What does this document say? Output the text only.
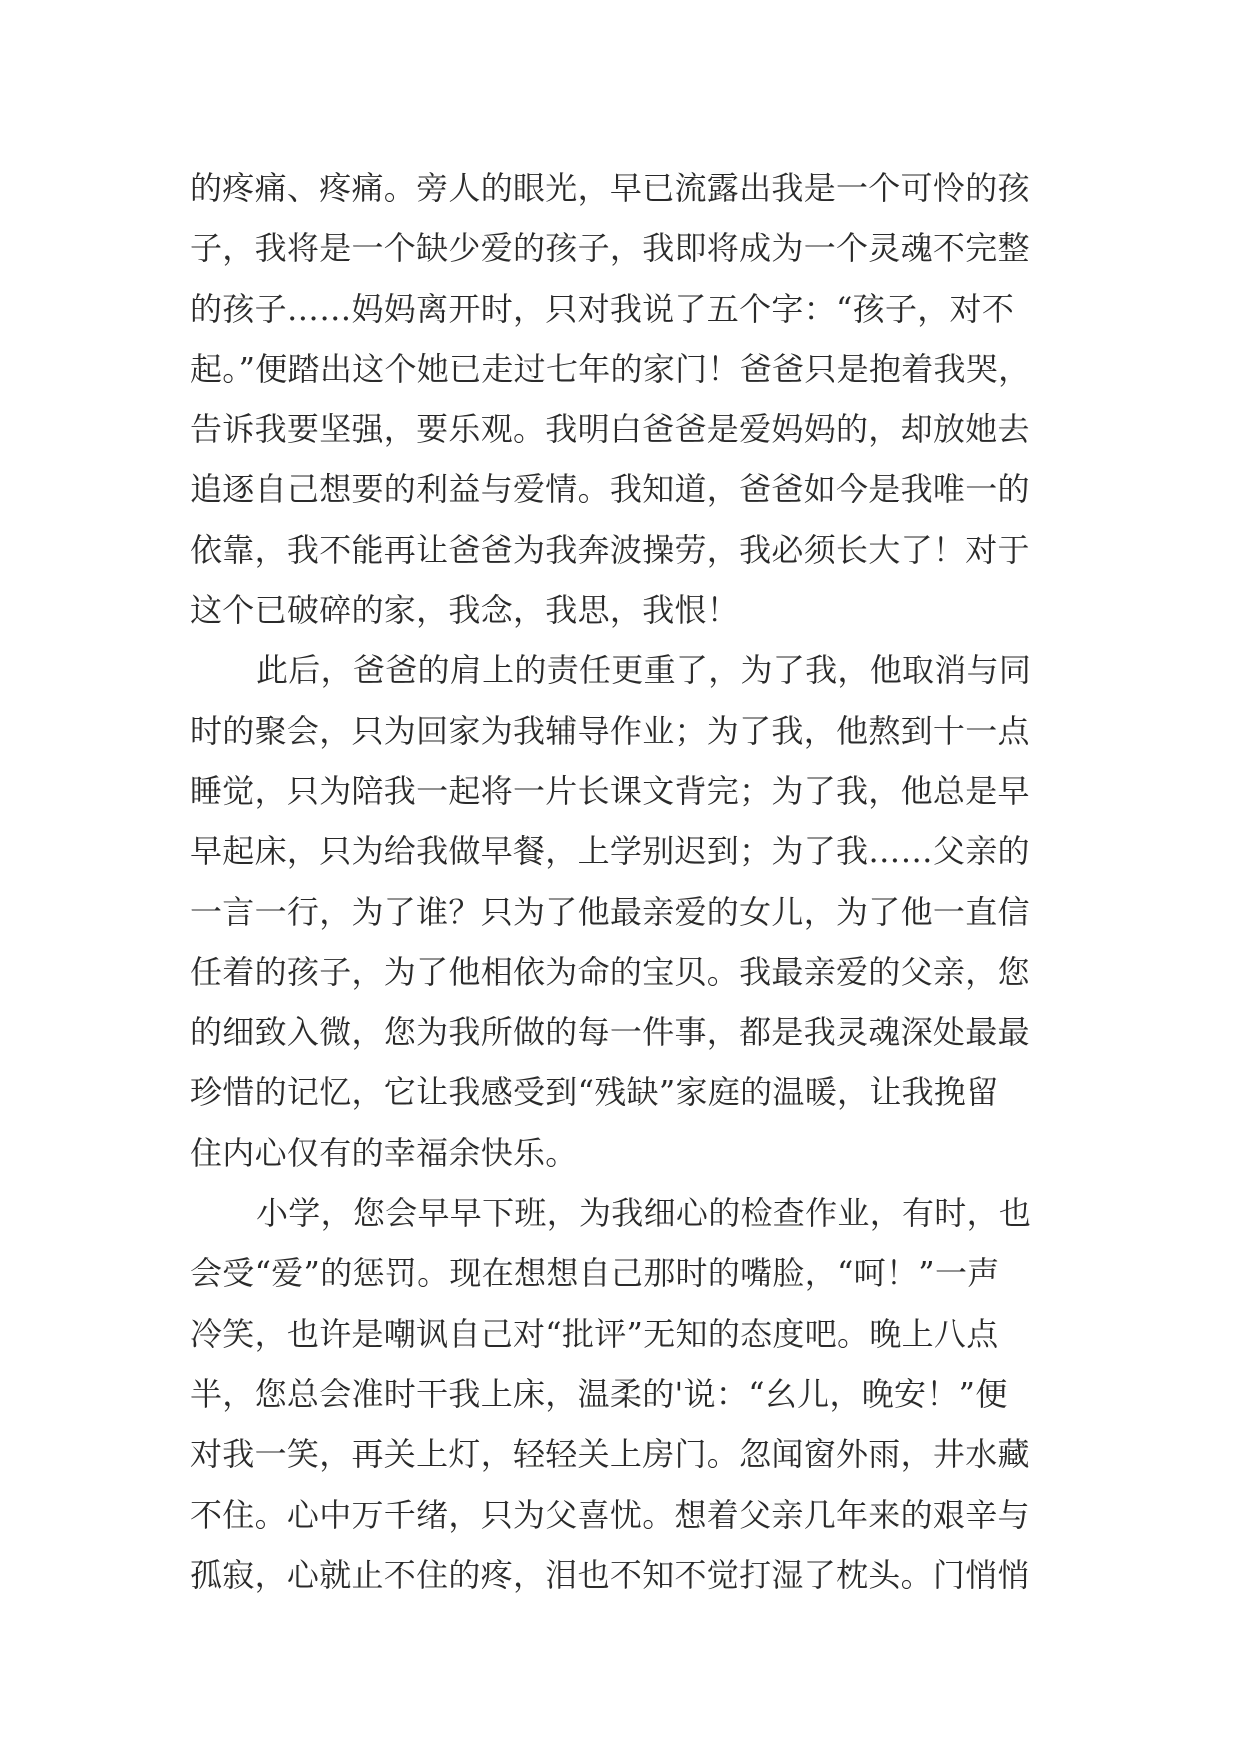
的疼痛、疼痛。旁人的眼光，早已流露出我是一个可怜的孩
子，我将是一个缺少爱的孩子，我即将成为一个灵魂不完整
的孩子……妈妈离开时，只对我说了五个字：“孩子，对不
起。”便踏出这个她已走过七年的家门！爸爸只是抱着我哭，
告诉我要坚强，要乐观。我明白爸爸是爱妈妈的，却放她去
追逐自己想要的利益与爱情。我知道，爸爸如今是我唯一的
依靠，我不能再让爸爸为我奔波操劳，我必须长大了！对于
这个已破碎的家，我念，我思，我恨！
此后，爸爸的肩上的责任更重了，为了我，他取消与同
时的聚会，只为回家为我辅导作业；为了我，他熬到十一点
睡觉，只为陪我一起将一片长课文背完；为了我，他总是早
早起床，只为给我做早餐，上学别迟到；为了我……父亲的
一言一行，为了谁？只为了他最亲爱的女儿，为了他一直信
任着的孩子，为了他相依为命的宝贝。我最亲爱的父亲，您
的细致入微，您为我所做的每一件事，都是我灵魂深处最最
珍惜的记忆，它让我感受到“残缺”家庭的温暖，让我挽留
住内心仅有的幸福余快乐。
小学，您会早早下班，为我细心的检查作业，有时，也
会受“爱”的惩罚。现在想想自己那时的嘴脸，“呵！”一声
冷笑，也许是嘲讽自己对“批评”无知的态度吧。晚上八点
半，您总会准时干我上床，温柔的'说：“幺儿，晚安！”便
对我一笑，再关上灯，轻轻关上房门。忽闻窗外雨，井水藏
不住。心中万千绪，只为父喜忧。想着父亲几年来的艰辛与
孤寂，心就止不住的疼，泪也不知不觉打湿了枕头。门悄悄
